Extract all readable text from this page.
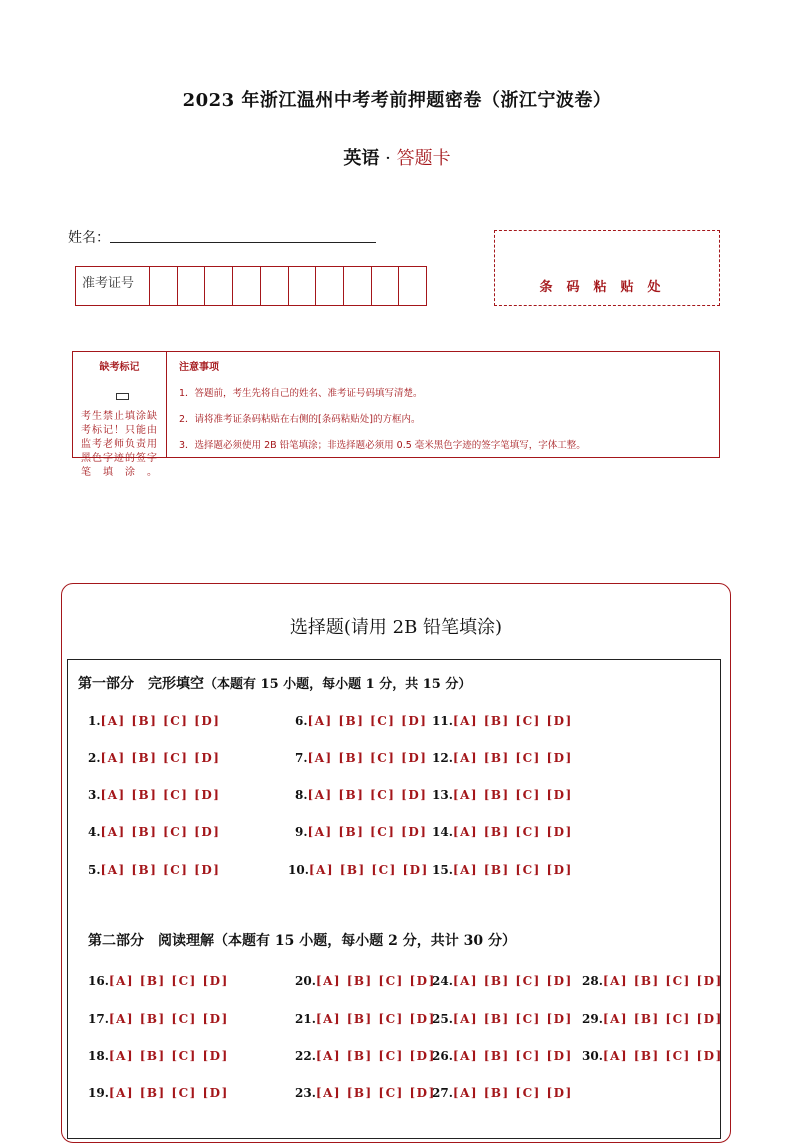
2023 年浙江温州中考考前押题密卷（浙江宁波卷）
英语 · 答题卡
姓名：
准考证号	条码粘贴处
缺考标记
考生禁止填涂缺考标记！只能由监考老师负责用黑色字迹的签字笔填涂。
注意事项
1．答题前，考生先将自己的姓名、准考证号码填写清楚。
2．请将准考证条码粘贴在右侧的[条码粘贴处]的方框内。
3．选择题必须使用 2B 铅笔填涂；非选择题必须用 0.5 毫米黑色字迹的签字笔填写，字体工整。
选择题(请用 2B 铅笔填涂)
第一部分　完形填空（本题有 15 小题，每小题 1 分，共 15 分）
1.[A] [B] [C] [D]
2.[A] [B] [C] [D]
3.[A] [B] [C] [D]
4.[A] [B] [C] [D]
5.[A] [B] [C] [D]
6.[A] [B] [C] [D]
7.[A] [B] [C] [D]
8.[A] [B] [C] [D]
9.[A] [B] [C] [D]
10.[A] [B] [C] [D]
11.[A] [B] [C] [D]
12.[A] [B] [C] [D]
13.[A] [B] [C] [D]
14.[A] [B] [C] [D]
15.[A] [B] [C] [D]
第二部分　阅读理解（本题有 15 小题，每小题 2 分，共计 30 分）
16.[A] [B] [C] [D]
17.[A] [B] [C] [D]
18.[A] [B] [C] [D]
19.[A] [B] [C] [D]
20.[A] [B] [C] [D]
21.[A] [B] [C] [D]
22.[A] [B] [C] [D]
23.[A] [B] [C] [D]
24.[A] [B] [C] [D]
25.[A] [B] [C] [D]
26.[A] [B] [C] [D]
27.[A] [B] [C] [D]
28.[A] [B] [C] [D]
29.[A] [B] [C] [D]
30.[A] [B] [C] [D]
